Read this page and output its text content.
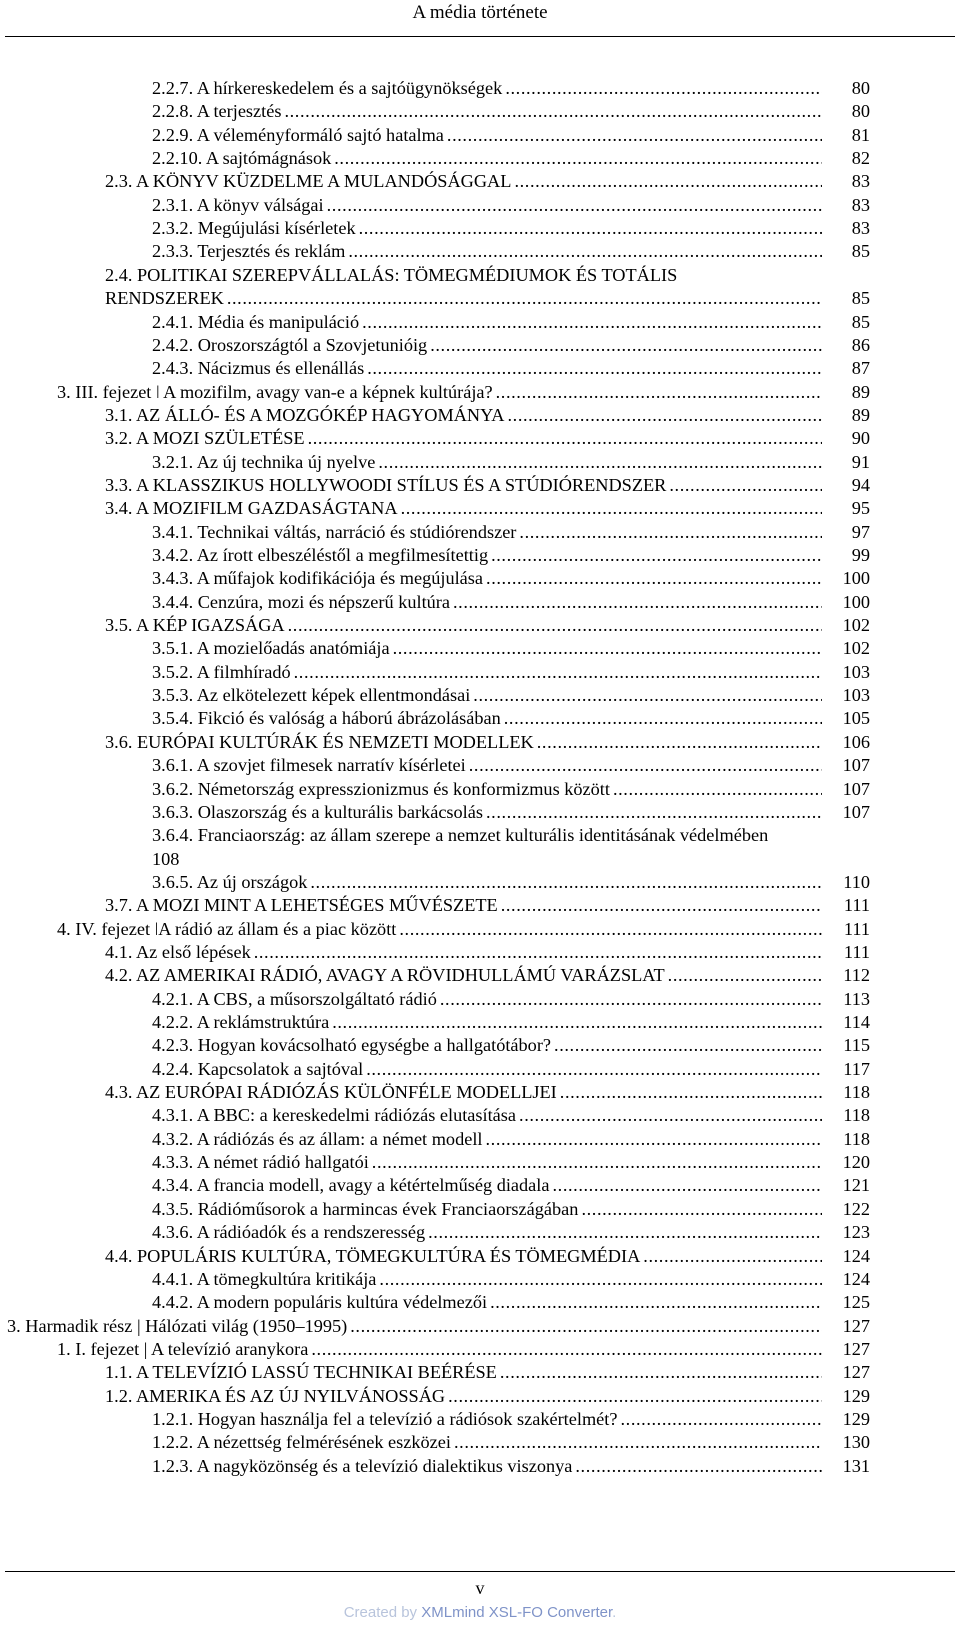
A média története
2.2.7. A hírkereskedelem és a sajtóügynökségek .....	80
2.2.8. A terjesztés .....	80
2.2.9. A véleményformáló sajtó hatalma .....	81
2.2.10. A sajtómágnások .....	82
2.3. A KÖNYV KÜZDELME A MULANDÓSÁGGAL .....	83
2.3.1. A könyv válságai .....	83
2.3.2. Megújulási kísérletek .....	83
2.3.3. Terjesztés és reklám .....	85
2.4. POLITIKAI SZEREPVÁLLALÁS: TÖMEGMÉDIUMOK ÉS TOTÁLIS
RENDSZEREK .....	85
2.4.1. Média és manipuláció .....	85
2.4.2. Oroszországtól a Szovjetunióig .....	86
2.4.3. Nácizmus és ellenállás .....	87
3. III. fejezet ǀ A mozifilm, avagy van-e a képnek kultúrája? .....	89
3.1. AZ ÁLLÓ- ÉS A MOZGÓKÉP HAGYOMÁNYA .....	89
3.2. A MOZI SZÜLETÉSE .....	90
3.2.1. Az új technika új nyelve .....	91
3.3. A KLASSZIKUS HOLLYWOODI STÍLUS ÉS A STÚDIÓRENDSZER .....	94
3.4. A MOZIFILM GAZDASÁGTANA .....	95
3.4.1. Technikai váltás, narráció és stúdiórendszer .....	97
3.4.2. Az írott elbeszéléstől a megfilmesítettig .....	99
3.4.3. A műfajok kodifikációja és megújulása .....	100
3.4.4. Cenzúra, mozi és népszerű kultúra .....	100
3.5. A KÉP IGAZSÁGA .....	102
3.5.1. A mozielőadás anatómiája .....	102
3.5.2. A filmhíradó .....	103
3.5.3. Az elkötelezett képek ellentmondásai .....	103
3.5.4. Fikció és valóság a háború ábrázolásában .....	105
3.6. EURÓPAI KULTÚRÁK ÉS NEMZETI MODELLEK .....	106
3.6.1. A szovjet filmesek narratív kísérletei .....	107
3.6.2. Németország expresszionizmus és konformizmus között .....	107
3.6.3. Olaszország és a kulturális barkácsolás .....	107
3.6.4. Franciaország: az állam szerepe a nemzet kulturális identitásának védelmében
108
3.6.5. Az új országok .....	110
3.7. A MOZI MINT A LEHETSÉGES MŰVÉSZETE .....	111
4. IV. fejezet ǀA rádió az állam és a piac között .....	111
4.1. Az első lépések .....	111
4.2. AZ AMERIKAI RÁDIÓ, AVAGY A RÖVIDHULLÁMÚ VARÁZSLAT .....	112
4.2.1. A CBS, a műsorszolgáltató rádió .....	113
4.2.2. A reklámstruktúra .....	114
4.2.3. Hogyan kovácsolható egységbe a hallgatótábor? .....	115
4.2.4. Kapcsolatok a sajtóval .....	117
4.3. AZ EURÓPAI RÁDIÓZÁS KÜLÖNFÉLE MODELLJEI .....	118
4.3.1. A BBC: a kereskedelmi rádiózás elutasítása .....	118
4.3.2. A rádiózás és az állam: a német modell .....	118
4.3.3. A német rádió hallgatói .....	120
4.3.4. A francia modell, avagy a kétértelműség diadala .....	121
4.3.5. Rádióműsorok a harmincas évek Franciaországában .....	122
4.3.6. A rádióadók és a rendszeresség .....	123
4.4. POPULÁRIS KULTÚRA, TÖMEGKULTÚRA ÉS TÖMEGMÉDIA .....	124
4.4.1. A tömegkultúra kritikája .....	124
4.4.2. A modern populáris kultúra védelmezői .....	125
3. Harmadik rész | Hálózati világ (1950–1995) .....	127
1. I. fejezet | A televízió aranykora .....	127
1.1. A TELEVÍZIÓ LASSÚ TECHNIKAI BEÉRÉSE .....	127
1.2. AMERIKA ÉS AZ ÚJ NYILVÁNOSSÁG .....	129
1.2.1. Hogyan használja fel a televízió a rádiósok szakértelmét? .....	129
1.2.2. A nézettség felmérésének eszközei .....	130
1.2.3. A nagyközönség és a televízió dialektikus viszonya .....	131
v
Created by XMLmind XSL-FO Converter.
